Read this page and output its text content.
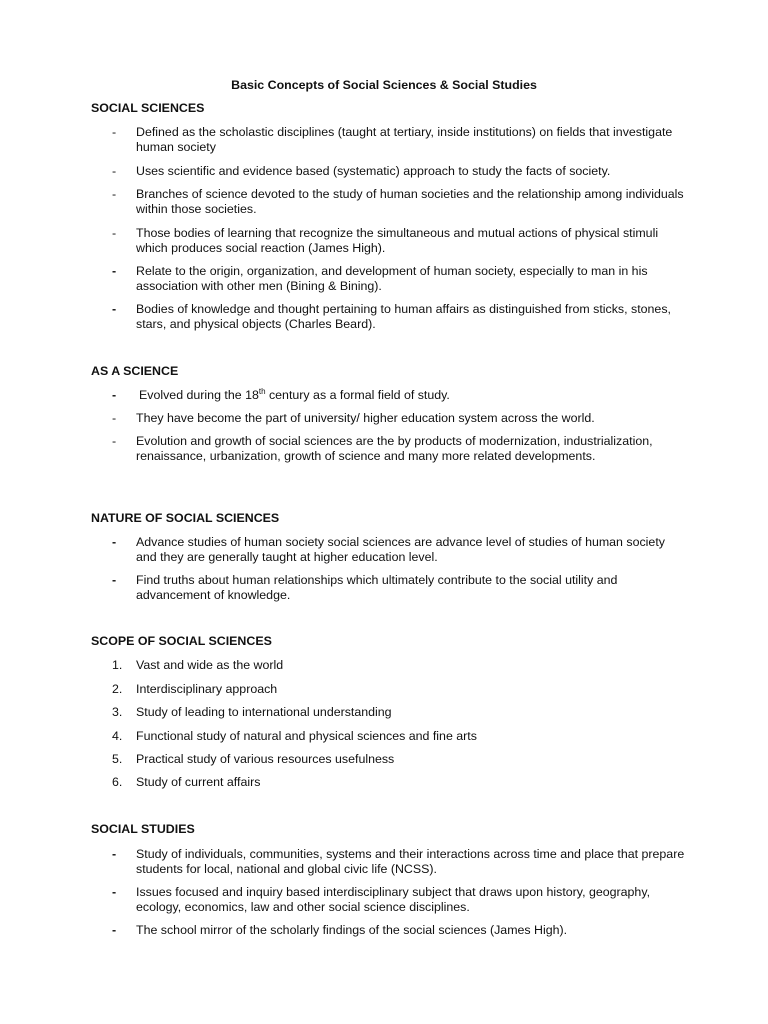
Basic Concepts of Social Sciences & Social Studies
SOCIAL SCIENCES
-	Defined as the scholastic disciplines (taught at tertiary, inside institutions) on fields that investigate human society
-	Uses scientific and evidence based (systematic) approach to study the facts of society.
-	Branches of science devoted to the study of human societies and the relationship among individuals within those societies.
-	Those bodies of learning that recognize the simultaneous and mutual actions of physical stimuli which produces social reaction (James High).
-	Relate to the origin, organization, and development of human society, especially to man in his association with other men (Bining & Bining).
-	Bodies of knowledge and thought pertaining to human affairs as distinguished from sticks, stones, stars, and physical objects (Charles Beard).
AS A SCIENCE
-	Evolved during the 18th century as a formal field of study.
-	They have become the part of university/ higher education system across the world.
-	Evolution and growth of social sciences are the by products of modernization, industrialization, renaissance, urbanization, growth of science and many more related developments.
NATURE OF SOCIAL SCIENCES
-	Advance studies of human society social sciences are advance level of studies of human society and they are generally taught at higher education level.
-	Find truths about human relationships which ultimately contribute to the social utility and advancement of knowledge.
SCOPE OF SOCIAL SCIENCES
1.	Vast and wide as the world
2.	Interdisciplinary approach
3.	Study of leading to international understanding
4.	Functional study of natural and physical sciences and fine arts
5.	Practical study of various resources usefulness
6.	Study of current affairs
SOCIAL STUDIES
-	Study of individuals, communities, systems and their interactions across time and place that prepare students for local, national and global civic life (NCSS).
-	Issues focused and inquiry based interdisciplinary subject that draws upon history, geography, ecology, economics, law and other social science disciplines.
-	The school mirror of the scholarly findings of the social sciences (James High).
